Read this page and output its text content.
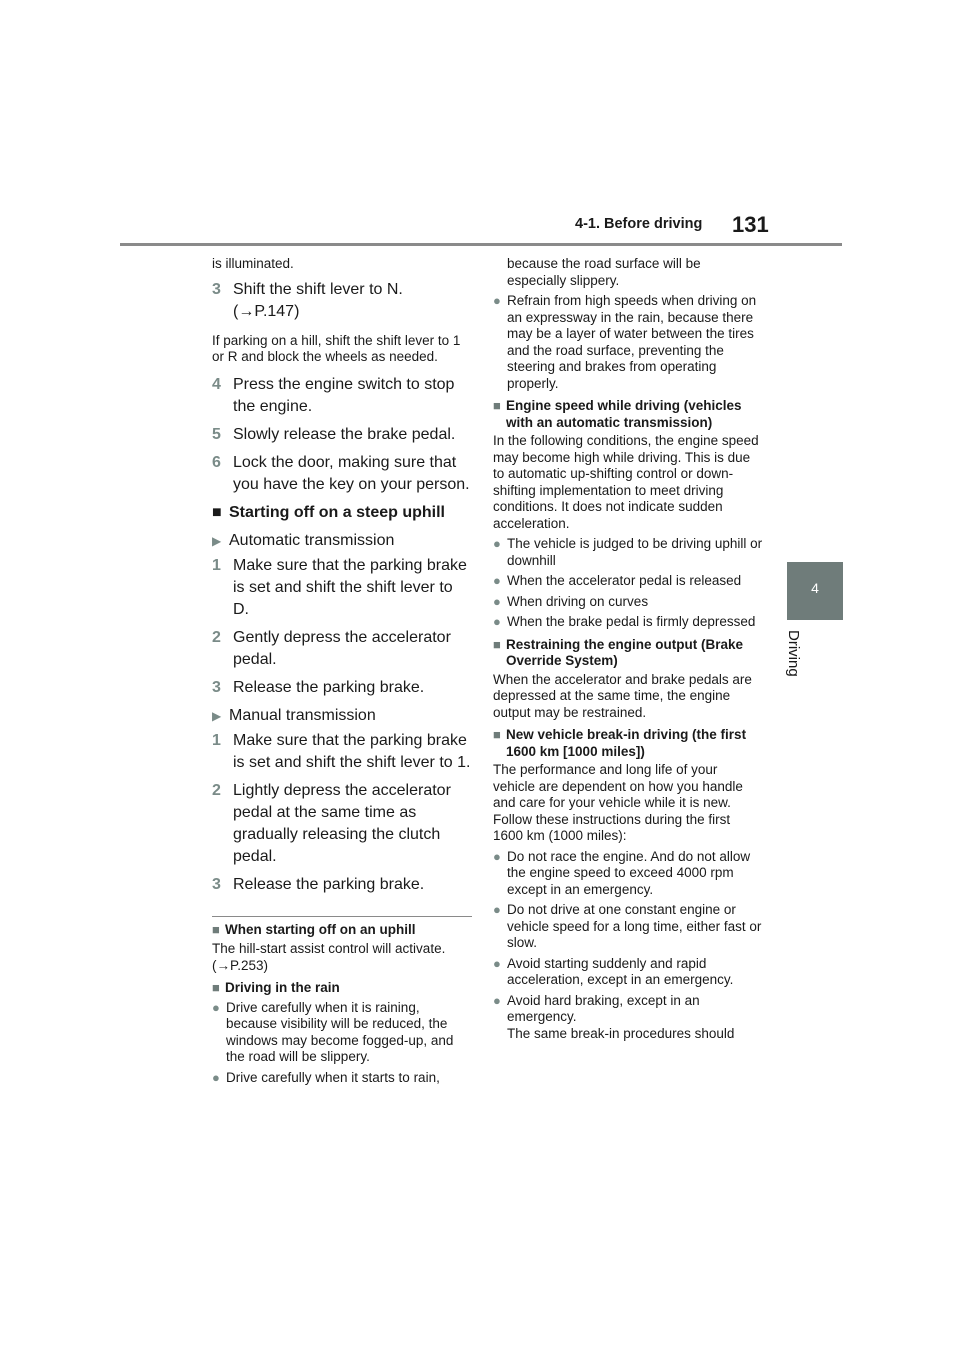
4-1. Before driving 131
4
Driving

is illuminated.

3 Shift the shift lever to N.
(→P.147)

If parking on a hill, shift the shift lever to 1 or R and block the wheels as needed.

4 Press the engine switch to stop the engine.
5 Slowly release the brake pedal.
6 Lock the door, making sure that you have the key on your person.
■ Starting off on a steep uphill
▶ Automatic transmission
1 Make sure that the parking brake is set and shift the shift lever to D.
2 Gently depress the accelerator pedal.
3 Release the parking brake.
▶ Manual transmission
1 Make sure that the parking brake is set and shift the shift lever to 1.
2 Lightly depress the accelerator pedal at the same time as gradually releasing the clutch pedal.
3 Release the parking brake.
■ When starting off on an uphill

The hill-start assist control will activate. (→P.253)

■ Driving in the rain
● Drive carefully when it is raining, because visibility will be reduced, the windows may become fogged-up, and the road will be slippery.
● Drive carefully when it starts to rain,

because the road surface will be especially slippery.

● Refrain from high speeds when driving on an expressway in the rain, because there may be a layer of water between the tires and the road surface, preventing the steering and brakes from operating properly.
■ Engine speed while driving (vehicles with an automatic transmission)

In the following conditions, the engine speed may become high while driving. This is due to automatic up-shifting control or down-shifting implementation to meet driving conditions. It does not indicate sudden acceleration.

● The vehicle is judged to be driving uphill or downhill
● When the accelerator pedal is released
● When driving on curves
● When the brake pedal is firmly depressed
■ Restraining the engine output (Brake Override System)

When the accelerator and brake pedals are depressed at the same time, the engine output may be restrained.

■ New vehicle break-in driving (the first 1600 km [1000 miles])

The performance and long life of your vehicle are dependent on how you handle and care for your vehicle while it is new. Follow these instructions during the first 1600 km (1000 miles):

● Do not race the engine. And do not allow the engine speed to exceed 4000 rpm except in an emergency.
● Do not drive at one constant engine or vehicle speed for a long time, either fast or slow.
● Avoid starting suddenly and rapid acceleration, except in an emergency.
● Avoid hard braking, except in an emergency.

The same break-in procedures should
